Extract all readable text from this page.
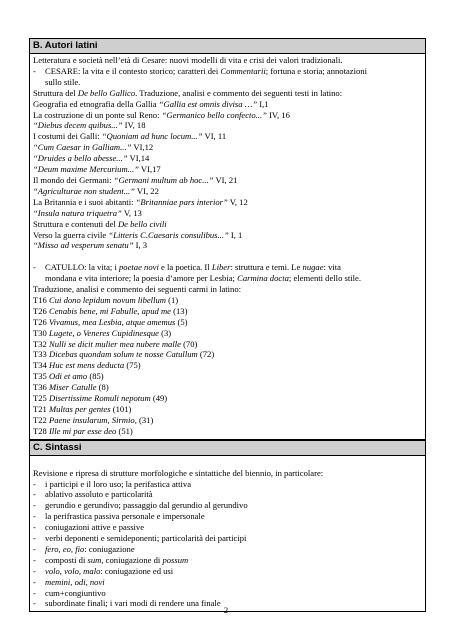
B. Autori latini
Letteratura e società nell’età di Cesare: nuovi modelli di vita e crisi dei valori tradizionali.
- CESARE: la vita e il contesto storico; caratteri dei Commentarii; fortuna e storia; annotazioni
sullo stile.
Struttura del De bello Gallico. Traduzione, analisi e commento dei seguenti testi in latino:
Geografia ed etnografia della Gallia “Gallia est omnis divisa …” I,1
La costruzione di un ponte sul Reno: “Germanico bello confecto...” IV, 16
“Diebus decem quibus...” IV, 18
I costumi dei Galli: “Quoniam ad hunc locum...” VI, 11
“Cum Caesar in Galliam...” VI,12
“Druides a bello abesse...” VI,14
“Deum maxime Mercurium...” VI,17
Il mondo dei Germani: “Germani multum ab hoc...” VI, 21
“Agriculturae non student...” VI, 22
La Britannia e i suoi abitanti: “Britanniae pars interior” V, 12
“Insula natura triquetra” V, 13
Struttura e contenuti del De bello civili
Verso la guerra civile “Litteris C.Caesaris consulibus...” I, 1
“Misso ad vesperum senatu” I, 3
- CATULLO: la vita; i poetae novi e la poetica. Il Liber: struttura e temi. Le nugae: vita
mondana e vita interiore; la poesia d’amore per Lesbia; Carmina docta; elementi dello stile.
Traduzione, analisi e commento dei seguenti carmi in latino:
T16 Cui dono lepidum novum libellum (1)
T26 Cenabis bene, mi Fabulle, apud me (13)
T26 Vivamus, mea Lesbia, atque amemus (5)
T30 Lugete, o Veneres Cupidinesque (3)
T32 Nulli se dicit mulier mea nubere malle (70)
T33 Dicebas quondam solum te nosse Catullum (72)
T34 Huc est mens deducta (75)
T35 Odi et amo (85)
T36 Miser Catulle (8)
T25 Disertissime Romuli nepotum (49)
T21 Multas per gentes (101)
T22 Paene insularum, Sirmio, (31)
T28 Ille mi par esse deo (51)
C. Sintassi
Revisione e ripresa di strutture morfologiche e sintattiche del biennio, in particolare:
- i participi e il loro uso; la perifastica attiva
- ablativo assoluto e particolarità
- gerundio e gerundivo; passaggio dal gerundio al gerundivo
- la perifrastica passiva personale e impersonale
- coniugazioni attive e passive
- verbi deponenti e semideponenti; particolarità dei participi
- fero, eo, fio: coniugazione
- composti di sum, coniugazione di possum
- volo, volo, malo: coniugazione ed usi
- memini, odi, novi
- cum+congiuntivo
- subordinate finali; i vari modi di rendere una finale
2
